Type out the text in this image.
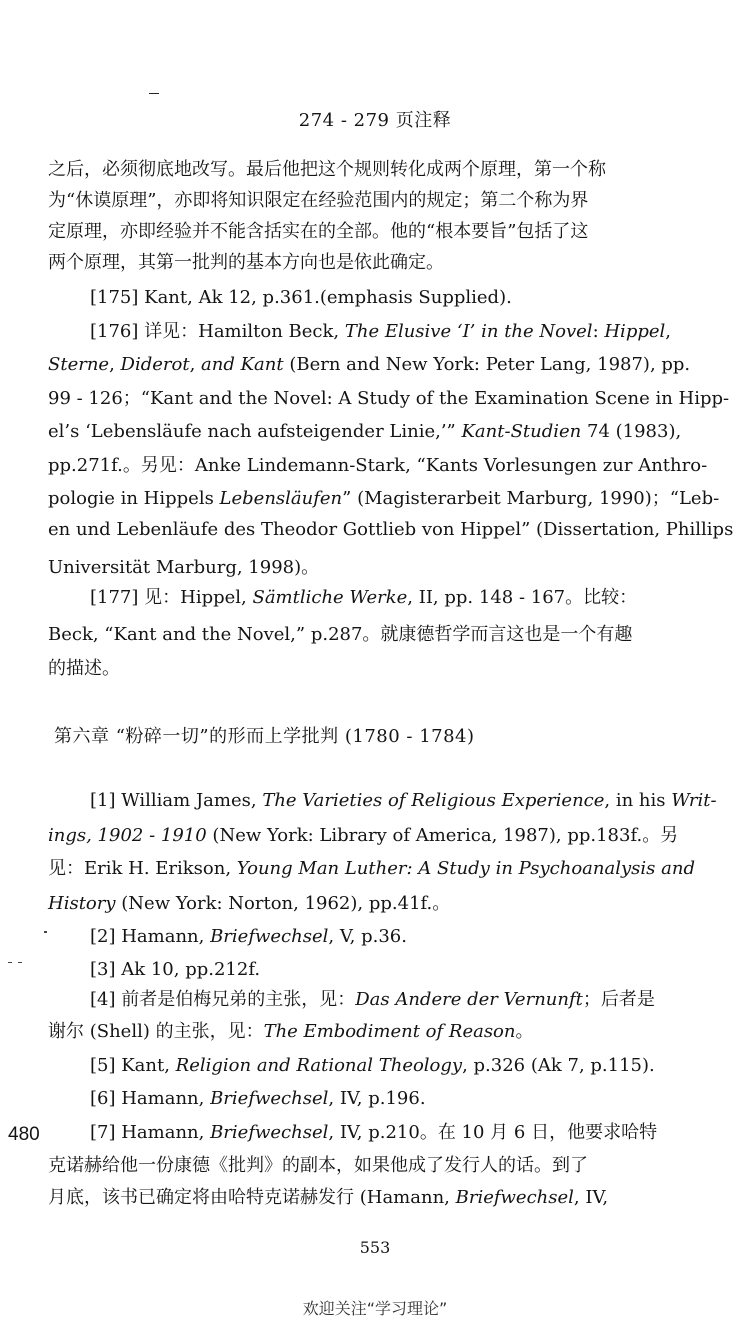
274 - 279 页注释
之后，必须彻底地改写。最后他把这个规则转化成两个原理，第一个称
为“休谟原理”，亦即将知识限定在经验范围内的规定；第二个称为界
定原理，亦即经验并不能含括实在的全部。他的“根本要旨”包括了这
两个原理，其第一批判的基本方向也是依此确定。
[175] Kant, Ak 12, p.361.(emphasis Supplied).
[176] 详见：Hamilton Beck, The Elusive ‘I’ in the Novel: Hippel,
Sterne, Diderot, and Kant (Bern and New York: Peter Lang, 1987), pp.
99 - 126；“Kant and the Novel: A Study of the Examination Scene in Hipp-
el’s ‘Lebensläufe nach aufsteigender Linie,’” Kant-Studien 74 (1983),
pp.271f.。另见：Anke Lindemann-Stark, “Kants Vorlesungen zur Anthro-
pologie in Hippels Lebensläufen” (Magisterarbeit Marburg, 1990)；“Leb-
en und Lebenläufe des Theodor Gottlieb von Hippel” (Dissertation, Phillips
Universität Marburg, 1998)。
[177] 见：Hippel, Sämtliche Werke, II, pp. 148 - 167。比较：
Beck, “Kant and the Novel,” p.287。就康德哲学而言这也是一个有趣
的描述。
第六章 “粉碎一切”的形而上学批判 (1780 - 1784)
[1] William James, The Varieties of Religious Experience, in his Writ-
ings, 1902 - 1910 (New York: Library of America, 1987), pp.183f.。另
见：Erik H. Erikson, Young Man Luther: A Study in Psychoanalysis and
History (New York: Norton, 1962), pp.41f.。
[2] Hamann, Briefwechsel, V, p.36.
[3] Ak 10, pp.212f.
[4] 前者是伯梅兄弟的主张，见：Das Andere der Vernunft；后者是
谢尔 (Shell) 的主张，见：The Embodiment of Reason。
[5] Kant, Religion and Rational Theology, p.326 (Ak 7, p.115).
[6] Hamann, Briefwechsel, IV, p.196.
[7] Hamann, Briefwechsel, IV, p.210。在 10 月 6 日，他要求哈特
克诺赫给他一份康德《批判》的副本，如果他成了发行人的话。到了
月底，该书已确定将由哈特克诺赫发行 (Hamann, Briefwechsel, IV,
480
553
欢迎关注“学习理论”
